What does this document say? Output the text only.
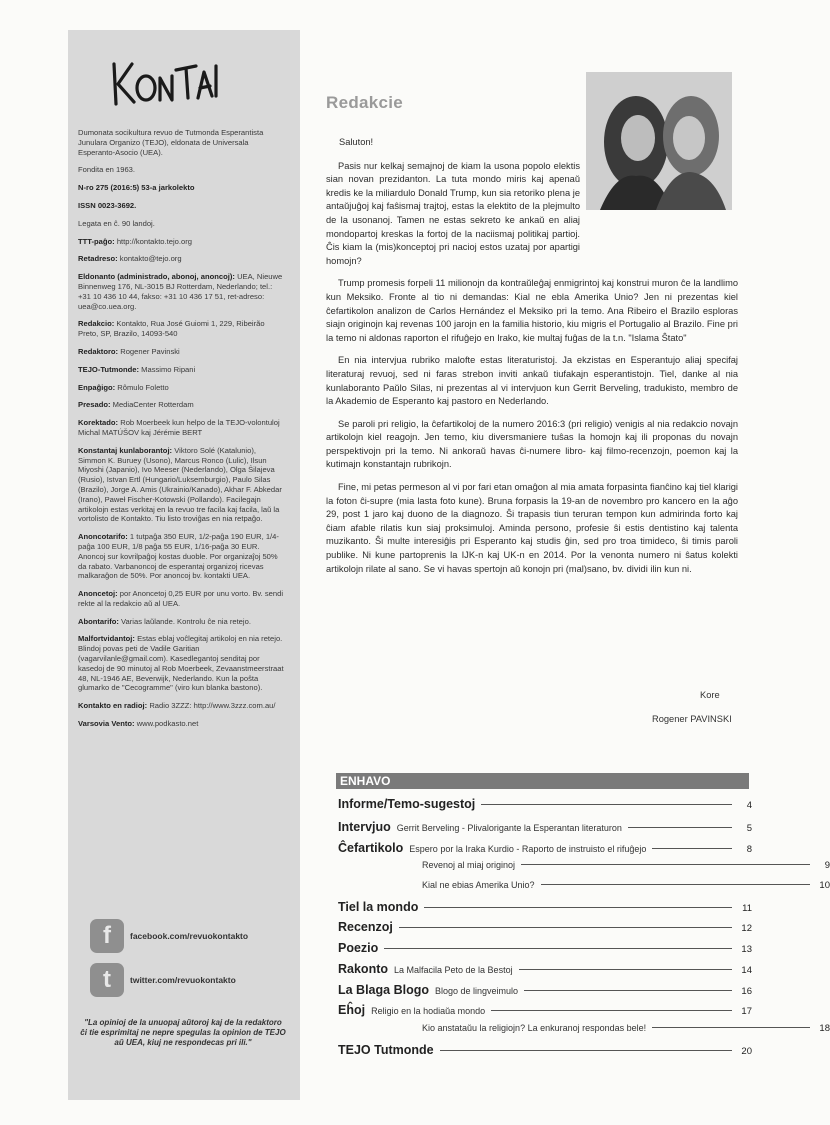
Dumonata socikultura revuo de Tutmonda Esperantista Junulara Organizo (TEJO), eldonata de Universala Esperanto-Asocio (UEA).

Fondita en 1963.

N-ro 275 (2016:5) 53-a jarkolekto

ISSN 0023-3692.

Legata en ĉ. 90 landoj.

TTT-paĝo: http://kontakto.tejo.org

Retadreso: kontakto@tejo.org

Eldonanto (administrado, abonoj, anoncoj): UEA, Nieuwe Binnenweg 176, NL-3015 BJ Rotterdam, Nederlando; tel.: +31 10 436 10 44, fakso: +31 10 436 17 51, ret-adreso: uea@co.uea.org.

Redakcio: Kontakto, Rua José Guiomi 1, 229, Ribeirão Preto, SP, Brazilo, 14093-540

Redaktoro: Rogener Pavinski

TEJO-Tutmonde: Massimo Ripani

Enpaĝigo: Rômulo Foletto

Presado: MediaCenter Rotterdam

Korektado: Rob Moerbeek kun helpo de la TEJO-volontuloj Michal MATÚŠOV kaj Jérémie BERT

Konstantaj kunlaborantoj: Viktoro Solé (Katalunio), Simmon K. Buruey (Usono), Marcus Ronco (Lulic), Ilsun Miyoshi (Japanio), Ivo Meeser (Nederlando), Olga Ŝilajeva (Rusio), Istvan Ertl (Hungario/Luksemburgio), Paulo Silas (Brazilo), Jorge A. Amis (Ukrainio/Kanado), Akhar F. Abkedar (Irano), Paweł Fischer-Kotowski (Pollando). Facilegajn artikolojn estas verkitaj en la revuo tre facila kaj facila, laŭ la vortolisto de Kontakto. Tiu listo troviĝas en nia retpaĝo.

Anoncotarifo: 1 tutpaĝa 350 EUR, 1/2-paĝa 190 EUR, 1/4-paĝa 100 EUR, 1/8 paĝa 55 EUR, 1/16-paĝa 30 EUR. Anoncoj sur kovrilpaĝoj kostas duoble. Por organizaĵoj 50% da rabato. Varbanoncoj de esperantaj organizoj ricevas malkaraĝon de 50%. Por anoncoj bv. kontakti UEA.

Anoncetoj: por Anoncetoj 0,25 EUR por unu vorto. Bv. sendi rekte al la redakcio aŭ al UEA.

Abontarifo: Varias laŭlande. Kontrolu ĉe nia retejo.

Malfortvidantoj: Estas eblaj voĉlegitaj artikoloj en nia retejo. Blindoj povas peti de Vadile Garitian (vagarvilanle@gmail.com). Kasedlegantoj senditaj por kasedoj de 90 minutoj al Rob Moerbeek, Zevaanstmeerstraat 48, NL-1946 AE, Beverwijk, Nederlando. Kun la poŝta glumarko de "Cecogramme" (viro kun blanka bastono).

Kontakto en radioj: Radio 3ZZZ: http://www.3zzz.com.au/

Varsovia Vento: www.podkasto.net

f	facebook.com/revuokontakto
t	twitter.com/revuokontakto
"La opinioj de la unuopaj aŭtoroj kaj de la redaktoro ĉi tie esprimitaj ne nepre spegulas la opinion de TEJO aŭ UEA, kiuj ne respondecas pri ili."
Redakcie

Saluton!

Pasis nur kelkaj semajnoj de kiam la usona popolo elektis sian novan prezidanton. La tuta mondo miris kaj apenaŭ kredis ke la miliardulo Donald Trump, kun sia retoriko plena je antaŭjuĝoj kaj faŝismaj trajtoj, estas la elektito de la plejmulto de la usonanoj. Tamen ne estas sekreto ke ankaŭ en aliaj mondopartoj kreskas la fortoj de la naciismaj politikaj partioj. Ĉis kiam la (mis)konceptoj pri nacioj estos uzataj por apartigi homojn?

Trump promesis forpeli 11 milionojn da kontraŭleĝaj enmigrintoj kaj konstrui muron ĉe la landlimo kun Meksiko. Fronte al tio ni demandas: Kial ne ebla Amerika Unio? Jen ni prezentas kiel ĉefartikolon analizon de Carlos Hernández el Meksiko pri la temo. Ana Ribeiro el Brazilo esploras siajn originojn kaj revenas 100 jarojn en la familia historio, kiu migris el Portugalio al Brazilo. Fine pri la temo ni aldonas raporton el rifuĝejo en Irako, kie multaj fuĝas de la t.n. "Islama Ŝtato"

En nia intervjua rubriko malofte estas literaturistoj. Ja ekzistas en Esperantujo aliaj specifaj literaturaj revuoj, sed ni faras strebon inviti ankaŭ tiufakajn esperantistojn. Tiel, danke al nia kunlaboranto Paŭlo Silas, ni prezentas al vi intervjuon kun Gerrit Berveling, tradukisto, membro de la Akademio de Esperanto kaj pastoro en Nederlando.

Se paroli pri religio, la ĉefartikoloj de la numero 2016:3 (pri religio) venigis al nia redakcio novajn artikolojn kiel reagojn. Jen temo, kiu diversmaniere tuŝas la homojn kaj ili proponas du novajn perspektivojn pri la temo. Ni ankoraŭ havas ĉi-numere libro- kaj filmo-recenzojn, poemon kaj la kutimajn konstantajn rubrikojn.

Fine, mi petas permeson al vi por fari etan omaĝon al mia amata forpasinta fianĉino kaj tiel klarigi la foton ĉi-supre (mia lasta foto kune). Bruna forpasis la 19-an de novembro pro kancero en la aĝo 29, post 1 jaro kaj duono de la diagnozo. Ŝi trapasis tiun teruran tempon kun admirinda forto kaj ĉiam afable rilatis kun siaj proksimuloj. Aminda persono, profesie ŝi estis dentistino kaj talenta muzikanto. Ŝi multe interesiĝis pri Esperanto kaj studis ĝin, sed pro troa timideco, ŝi timis paroli publike. Ni kune partoprenis la IJK-n kaj UK-n en 2014. Por la venonta numero ni ŝatus kolekti artikolojn rilate al sano. Se vi havas spertojn aŭ konojn pri (mal)sano, bv. dividi ilin kun ni.

Kore
Rogener PAVINSKI
ENHAVO
Informe/Temo-sugestoj	4
Intervjuo Gerrit Berveling - Plivalorigante la Esperantan literaturon	5
Ĉefartikolo Espero por la Iraka Kurdio - Raporto de instruisto el rifuĝejo	8
Revenoj al miaj originoj	9
Kial ne ebias Amerika Unio?	10
Tiel la mondo	11
Recenzoj	12
Poezio	13
Rakonto La Malfacila Peto de la Bestoj	14
La Blaga Blogo Blogo de lingveimulo	16
Eĥoj Religio en la hodiaŭa mondo	17
Kio anstataŭu la religiojn? La enkuranoj respondas bele!	18
TEJO Tutmonde	20
